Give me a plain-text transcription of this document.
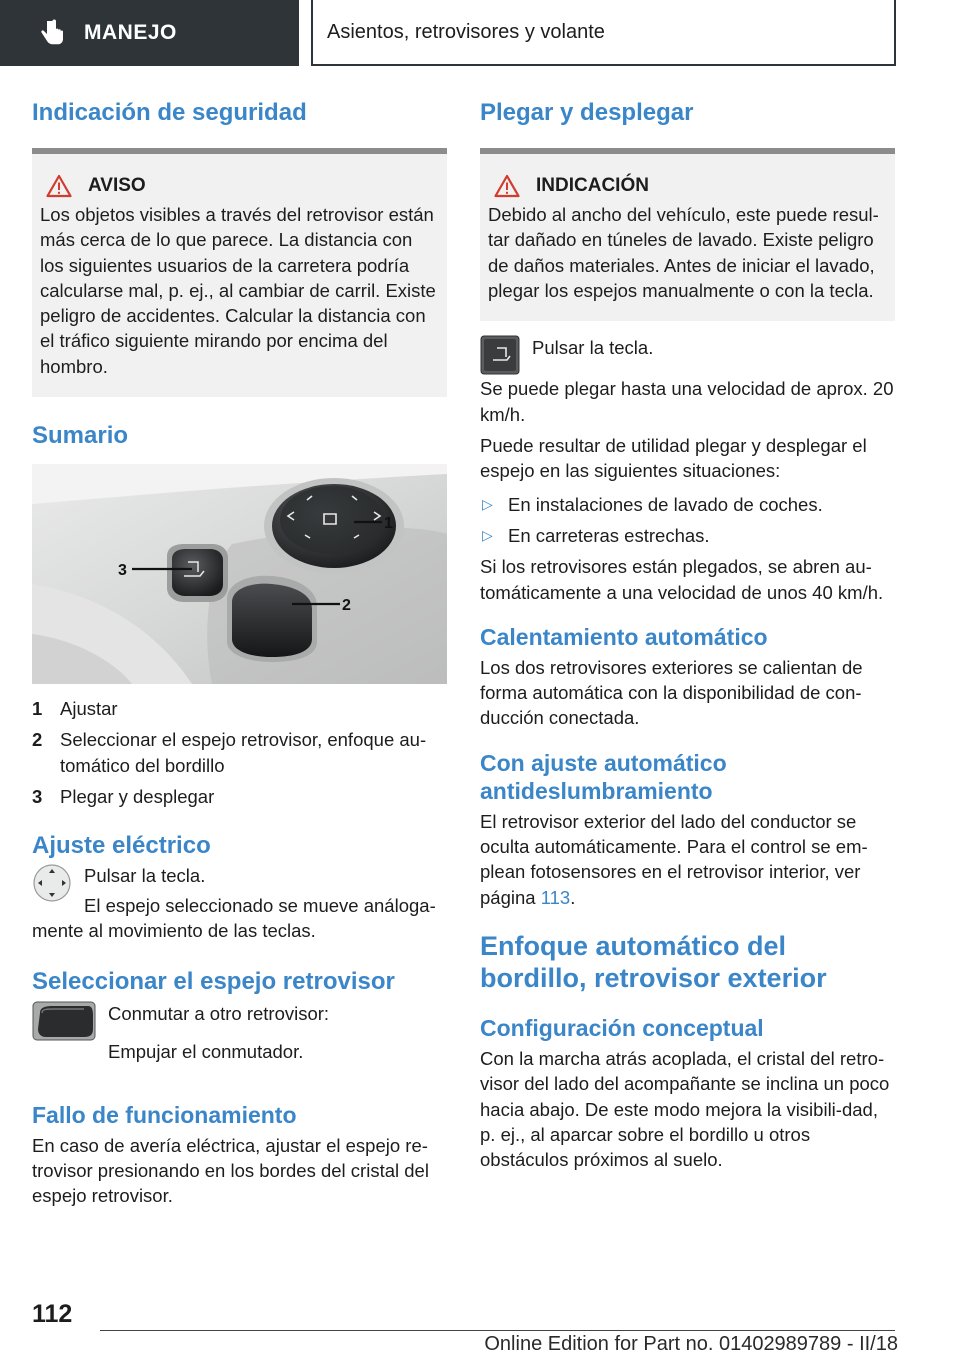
MANEJO	Asientos, retrovisores y volante
Indicación de seguridad
AVISO

Los objetos visibles a través del retrovisor están más cerca de lo que parece. La distancia con los siguientes usuarios de la carretera podría calcularse mal, p. ej., al cambiar de carril. Existe peligro de accidentes. Calcular la distancia con el tráfico siguiente mirando por encima del hombro.

Sumario
1
2
3
1 Ajustar
2 Seleccionar el espejo retrovisor, enfoque au-tomático del bordillo
3 Plegar y desplegar
Ajuste eléctrico

Pulsar la tecla.

El espejo seleccionado se mueve análoga-mente al movimiento de las teclas.

Seleccionar el espejo retrovisor

Conmutar a otro retrovisor:

Empujar el conmutador.

Fallo de funcionamiento

En caso de avería eléctrica, ajustar el espejo re-trovisor presionando en los bordes del cristal del espejo retrovisor.

Plegar y desplegar
INDICACIÓN

Debido al ancho del vehículo, este puede resul-tar dañado en túneles de lavado. Existe peligro de daños materiales. Antes de iniciar el lavado, plegar los espejos manualmente o con la tecla.

Pulsar la tecla.

Se puede plegar hasta una velocidad de aprox. 20 km/h.

Puede resultar de utilidad plegar y desplegar el espejo en las siguientes situaciones:

▷ En instalaciones de lavado de coches.
▷ En carreteras estrechas.

Si los retrovisores están plegados, se abren au-tomáticamente a una velocidad de unos 40 km/h.

Calentamiento automático

Los dos retrovisores exteriores se calientan de forma automática con la disponibilidad de con-ducción conectada.

Con ajuste automático antideslumbramiento

El retrovisor exterior del lado del conductor se oculta automáticamente. Para el control se em-plean fotosensores en el retrovisor interior, ver página 113.

Enfoque automático del bordillo, retrovisor exterior
Configuración conceptual

Con la marcha atrás acoplada, el cristal del retro-visor del lado del acompañante se inclina un poco hacia abajo. De este modo mejora la visibili-dad, p. ej., al aparcar sobre el bordillo u otros obstáculos próximos al suelo.

112
Online Edition for Part no. 01402989789 - II/18
